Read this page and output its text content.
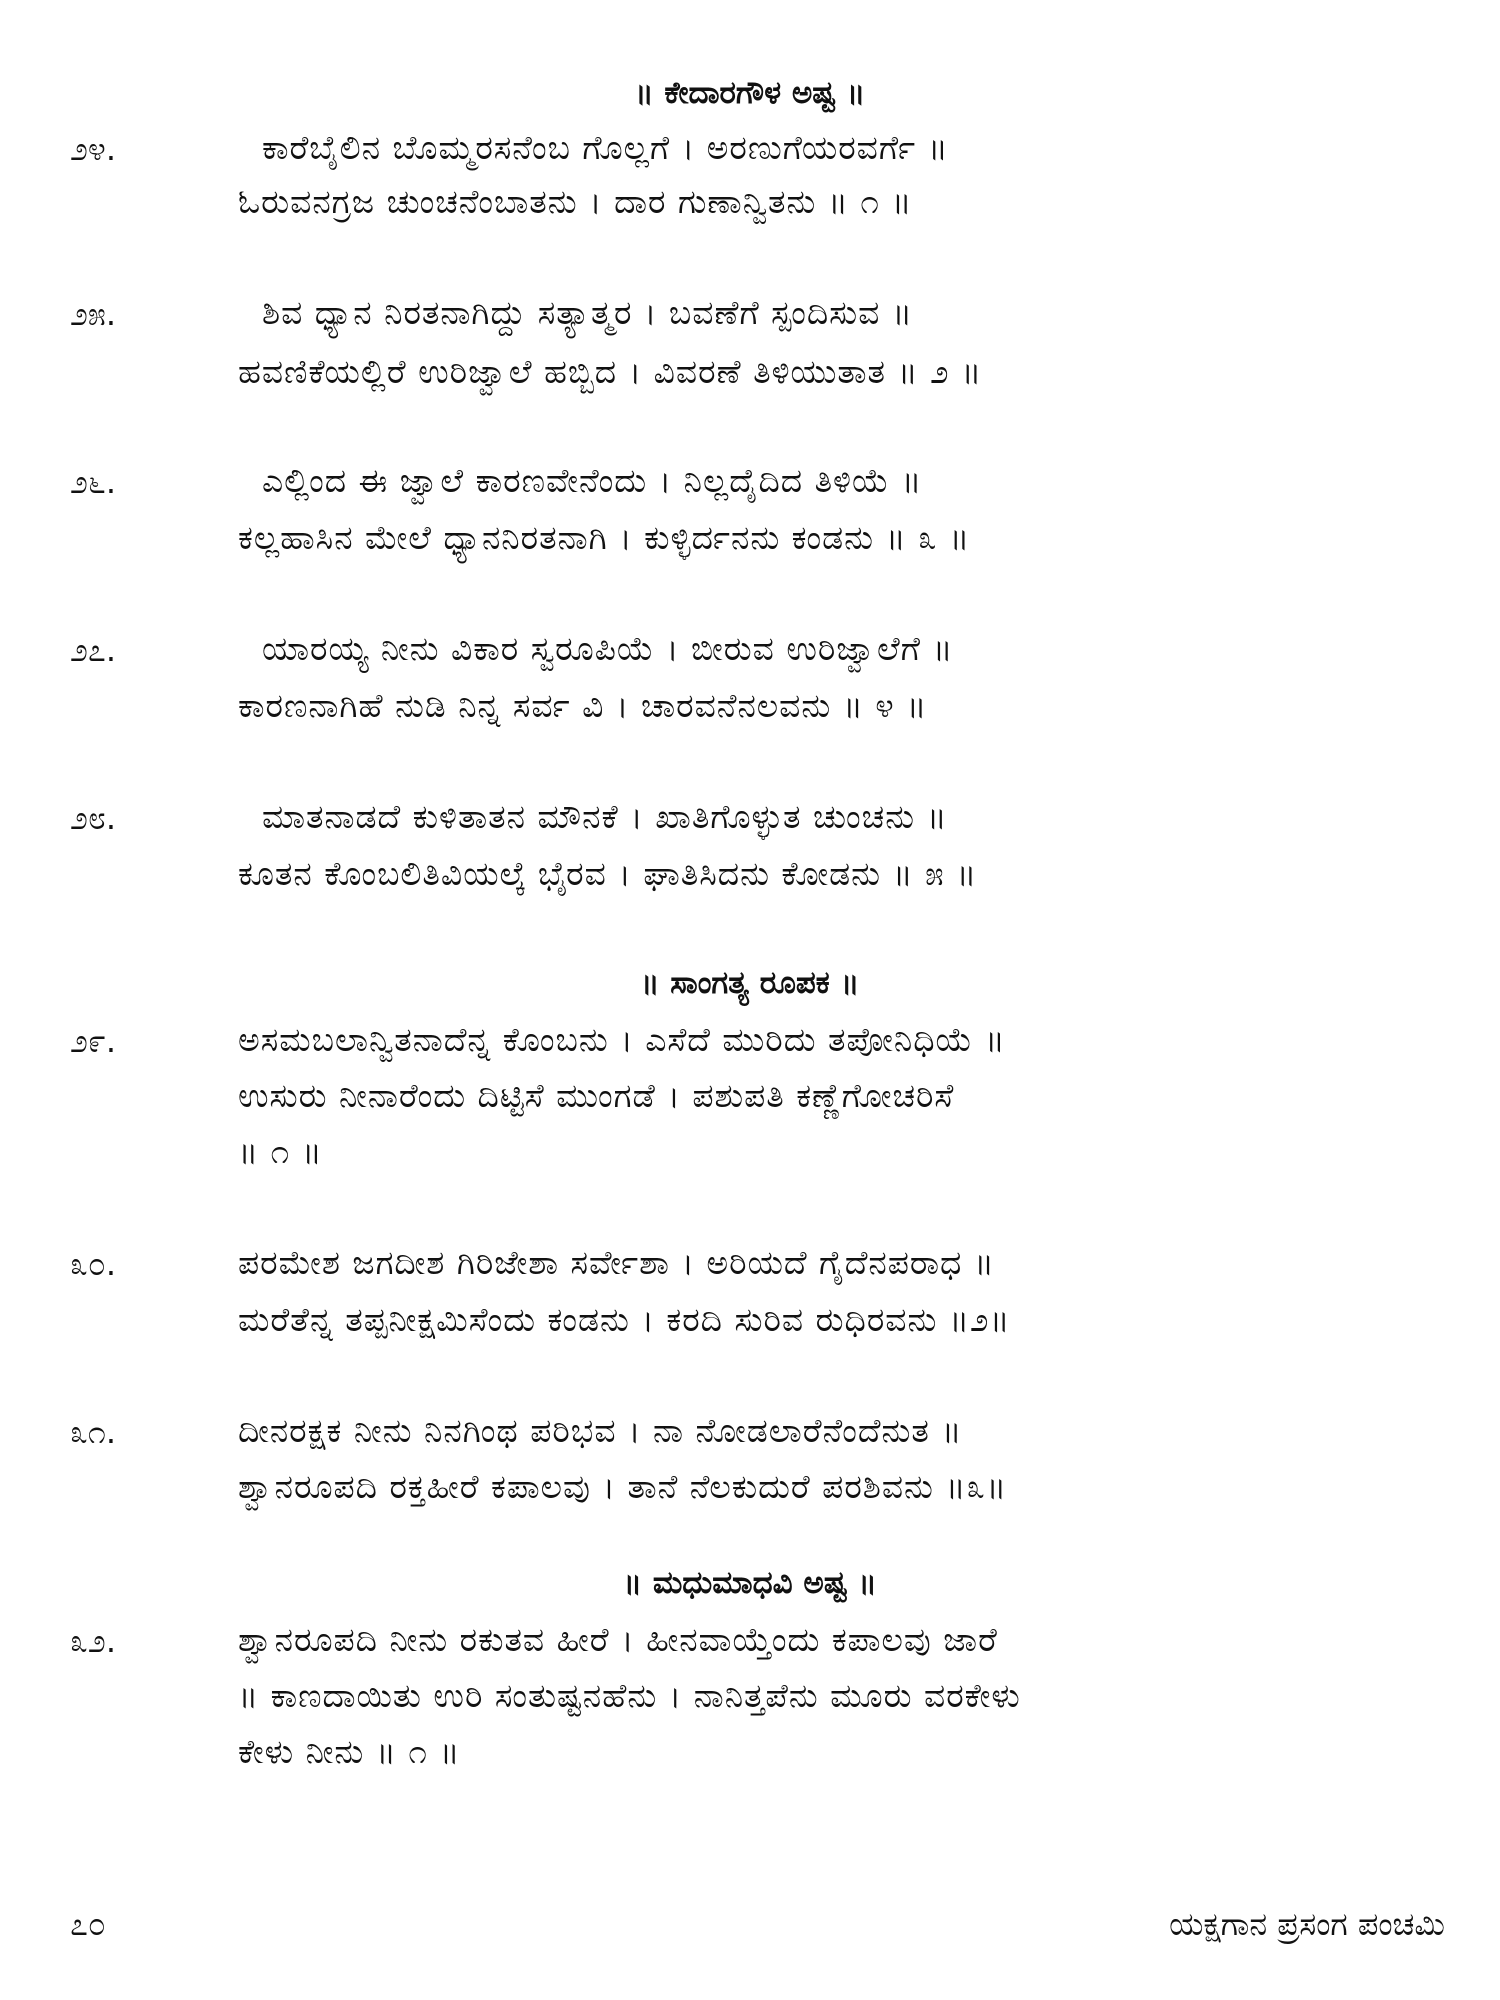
॥ ಕೇದಾರಗೌಳ ಅಷ್ಟ ॥
೨೪.	ಕಾರೆಬೈಲಿನ ಬೊಮ್ಮರಸನೆಂಬ ಗೊಲ್ಲಗೆ । ಅರಣುಗೆಯರವರ್ಗೆ ॥
ಓರುವನಗ್ರಜ ಚುಂಚನೆಂಬಾತನು । ದಾರ ಗುಣಾನ್ವಿತನು ॥ ೧ ॥
೨೫.	ಶಿವ ಧ್ಯಾನ ನಿರತನಾಗಿದ್ದು ಸತ್ಯಾತ್ಮರ । ಬವಣೆಗೆ ಸ್ಪಂದಿಸುವ ॥
ಹವಣಿಕೆಯಲ್ಲಿರೆ ಉರಿಜ್ವಾಲೆ ಹಬ್ಬಿದ । ವಿವರಣೆ ತಿಳಿಯುತಾತ ॥ ೨ ॥
೨೬.	ಎಲ್ಲಿಂದ ಈ ಜ್ವಾಲೆ ಕಾರಣವೇನೆಂದು । ನಿಲ್ಲದೈದಿದ ತಿಳಿಯೆ ॥
ಕಲ್ಲಹಾಸಿನ ಮೇಲೆ ಧ್ಯಾನನಿರತನಾಗಿ । ಕುಳ್ಳಿರ್ದನನು ಕಂಡನು ॥ ೩ ॥
೨೭.	ಯಾರಯ್ಯ ನೀನು ವಿಕಾರ ಸ್ವರೂಪಿಯೆ । ಬೀರುವ ಉರಿಜ್ವಾಲೆಗೆ ॥
ಕಾರಣನಾಗಿಹೆ ನುಡಿ ನಿನ್ನ ಸರ್ವ ವಿ । ಚಾರವನೆನಲವನು ॥ ೪ ॥
೨೮.	ಮಾತನಾಡದೆ ಕುಳಿತಾತನ ಮೌನಕೆ । ಖಾತಿಗೊಳ್ಳುತ ಚುಂಚನು ॥
ಕೂತನ ಕೊಂಬಲಿತಿವಿಯಲ್ಕೆ ಭೈರವ । ಘಾತಿಸಿದನು ಕೋಡನು ॥ ೫ ॥
॥ ಸಾಂಗತ್ಯ ರೂಪಕ ॥
೨೯.	ಅಸಮಬಲಾನ್ವಿತನಾದೆನ್ನ ಕೊಂಬನು । ಎಸೆದೆ ಮುರಿದು ತಪೋನಿಧಿಯೆ ॥
ಉಸುರು ನೀನಾರೆಂದು ದಿಟ್ಟಿಸೆ ಮುಂಗಡೆ । ಪಶುಪತಿ ಕಣ್ಣೆಗೋಚರಿಸೆ
॥ ೧ ॥
೩೦.	ಪರಮೇಶ ಜಗದೀಶ ಗಿರಿಜೇಶಾ ಸರ್ವೇಶಾ । ಅರಿಯದೆ ಗೈದೆನಪರಾಧ ॥
ಮರೆತೆನ್ನ ತಪ್ಪನೀಕ್ಷಮಿಸೆಂದು ಕಂಡನು । ಕರದಿ ಸುರಿವ ರುಧಿರವನು ॥೨॥
೩೧.	ದೀನರಕ್ಷಕ ನೀನು ನಿನಗಿಂಥ ಪರಿಭವ । ನಾ ನೋಡಲಾರೆನೆಂದೆನುತ ॥
ಶ್ವಾನರೂಪದಿ ರಕ್ತಹೀರೆ ಕಪಾಲವು । ತಾನೆ ನೆಲಕುದುರೆ ಪರಶಿವನು ॥೩॥
॥ ಮಧುಮಾಧವಿ ಅಷ್ಟ ॥
೩೨.	ಶ್ವಾನರೂಪದಿ ನೀನು ರಕುತವ ಹೀರೆ । ಹೀನವಾಯ್ತೆಂದು ಕಪಾಲವು ಜಾರೆ
॥ ಕಾಣದಾಯಿತು ಉರಿ ಸಂತುಷ್ಟನಹೆನು । ನಾನಿತ್ತಪೆನು ಮೂರು ವರಕೇಳು
ಕೇಳು ನೀನು ॥ ೧ ॥
೭೦	ಯಕ್ಷಗಾನ ಪ್ರಸಂಗ ಪಂಚಮಿ
